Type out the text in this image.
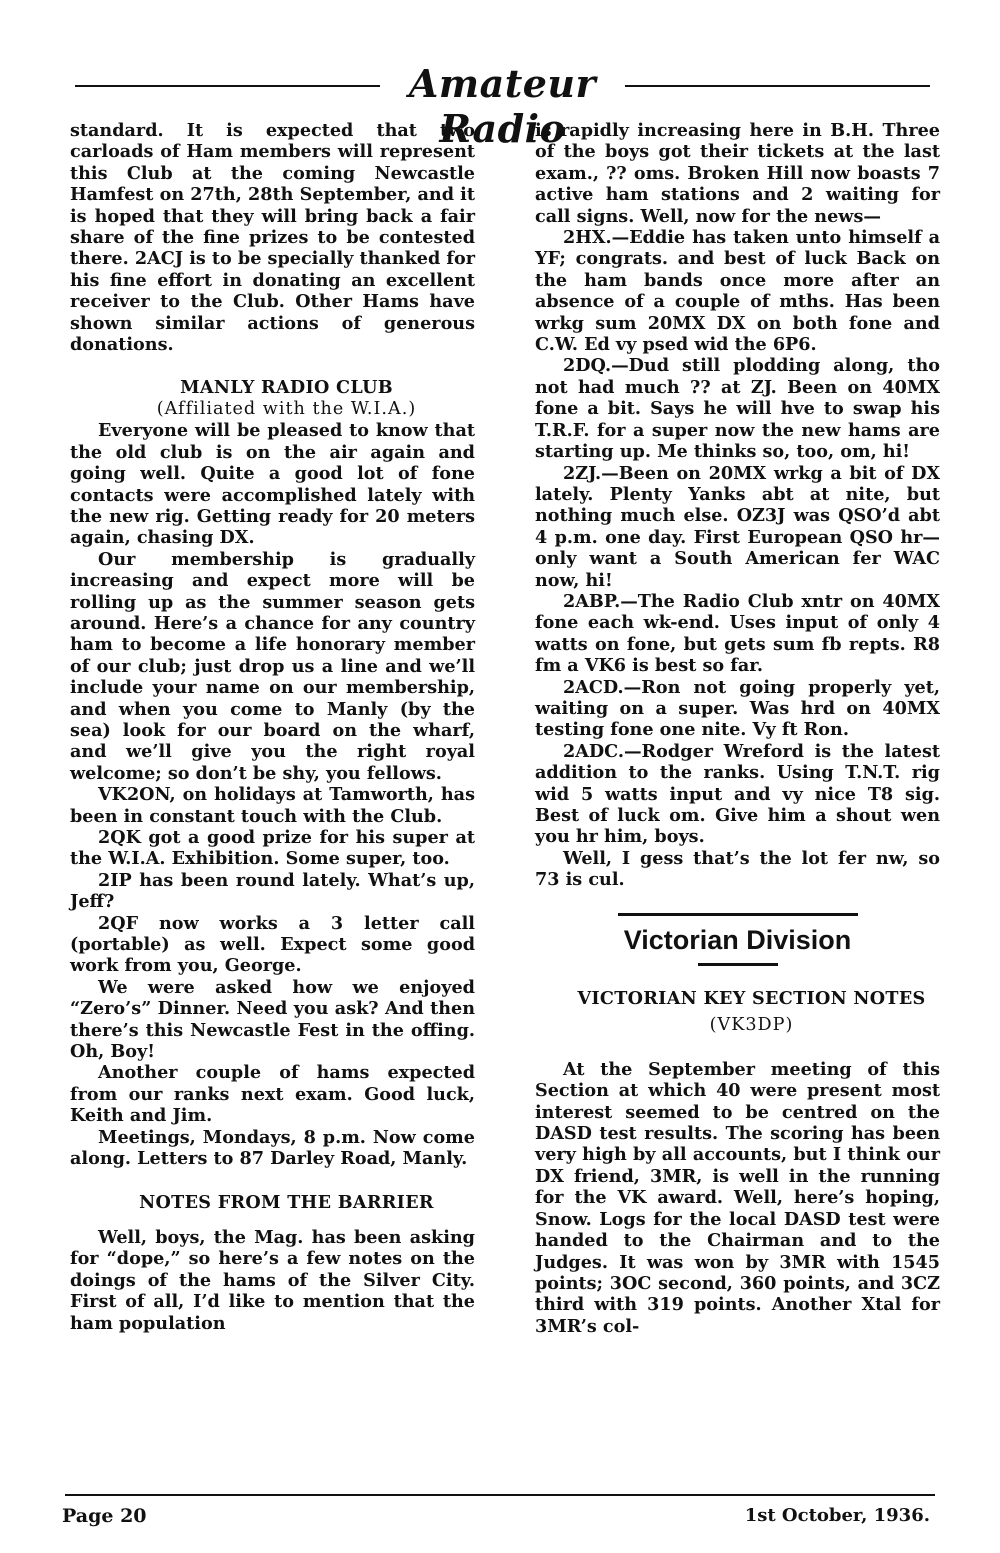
Amateur Radio

standard. It is expected that two carloads of Ham members will represent this Club at the coming Newcastle Hamfest on 27th, 28th September, and it is hoped that they will bring back a fair share of the fine prizes to be contested there. 2ACJ is to be specially thanked for his fine effort in donating an excellent receiver to the Club. Other Hams have shown similar actions of generous donations.

MANLY RADIO CLUB

(Affiliated with the W.I.A.)

Everyone will be pleased to know that the old club is on the air again and going well. Quite a good lot of fone contacts were accomplished lately with the new rig. Getting ready for 20 meters again, chasing DX.

Our membership is gradually increasing and expect more will be rolling up as the summer season gets around. Here’s a chance for any country ham to become a life honorary member of our club; just drop us a line and we’ll include your name on our membership, and when you come to Manly (by the sea) look for our board on the wharf, and we’ll give you the right royal welcome; so don’t be shy, you fellows.

VK2ON, on holidays at Tamworth, has been in constant touch with the Club.

2QK got a good prize for his super at the W.I.A. Exhibition. Some super, too.

2IP has been round lately. What’s up, Jeff?

2QF now works a 3 letter call (portable) as well. Expect some good work from you, George.

We were asked how we enjoyed “Zero’s” Dinner. Need you ask? And then there’s this Newcastle Fest in the offing. Oh, Boy!

Another couple of hams expected from our ranks next exam. Good luck, Keith and Jim.

Meetings, Mondays, 8 p.m. Now come along. Letters to 87 Darley Road, Manly.

NOTES FROM THE BARRIER

Well, boys, the Mag. has been asking for “dope,” so here’s a few notes on the doings of the hams of the Silver City. First of all, I’d like to mention that the ham population

is rapidly increasing here in B.H. Three of the boys got their tickets at the last exam., ?? oms. Broken Hill now boasts 7 active ham stations and 2 waiting for call signs. Well, now for the news—

2HX.—Eddie has taken unto himself a YF; congrats. and best of luck Back on the ham bands once more after an absence of a couple of mths. Has been wrkg sum 20MX DX on both fone and C.W. Ed vy psed wid the 6P6.

2DQ.—Dud still plodding along, tho not had much ?? at ZJ. Been on 40MX fone a bit. Says he will hve to swap his T.R.F. for a super now the new hams are starting up. Me thinks so, too, om, hi!

2ZJ.—Been on 20MX wrkg a bit of DX lately. Plenty Yanks abt at nite, but nothing much else. OZ3J was QSO’d abt 4 p.m. one day. First European QSO hr—only want a South American fer WAC now, hi!

2ABP.—The Radio Club xntr on 40MX fone each wk-end. Uses input of only 4 watts on fone, but gets sum fb repts. R8 fm a VK6 is best so far.

2ACD.—Ron not going properly yet, waiting on a super. Was hrd on 40MX testing fone one nite. Vy ft Ron.

2ADC.—Rodger Wreford is the latest addition to the ranks. Using T.N.T. rig wid 5 watts input and vy nice T8 sig. Best of luck om. Give him a shout wen you hr him, boys.

Well, I gess that’s the lot fer nw, so 73 is cul.

Victorian Division

VICTORIAN KEY SECTION NOTES

(VK3DP)

At the September meeting of this Section at which 40 were present most interest seemed to be centred on the DASD test results. The scoring has been very high by all accounts, but I think our DX friend, 3MR, is well in the running for the VK award. Well, here’s hoping, Snow. Logs for the local DASD test were handed to the Chairman and to the Judges. It was won by 3MR with 1545 points; 3OC second, 360 points, and 3CZ third with 319 points. Another Xtal for 3MR’s col-

Page 20	1st October, 1936.
